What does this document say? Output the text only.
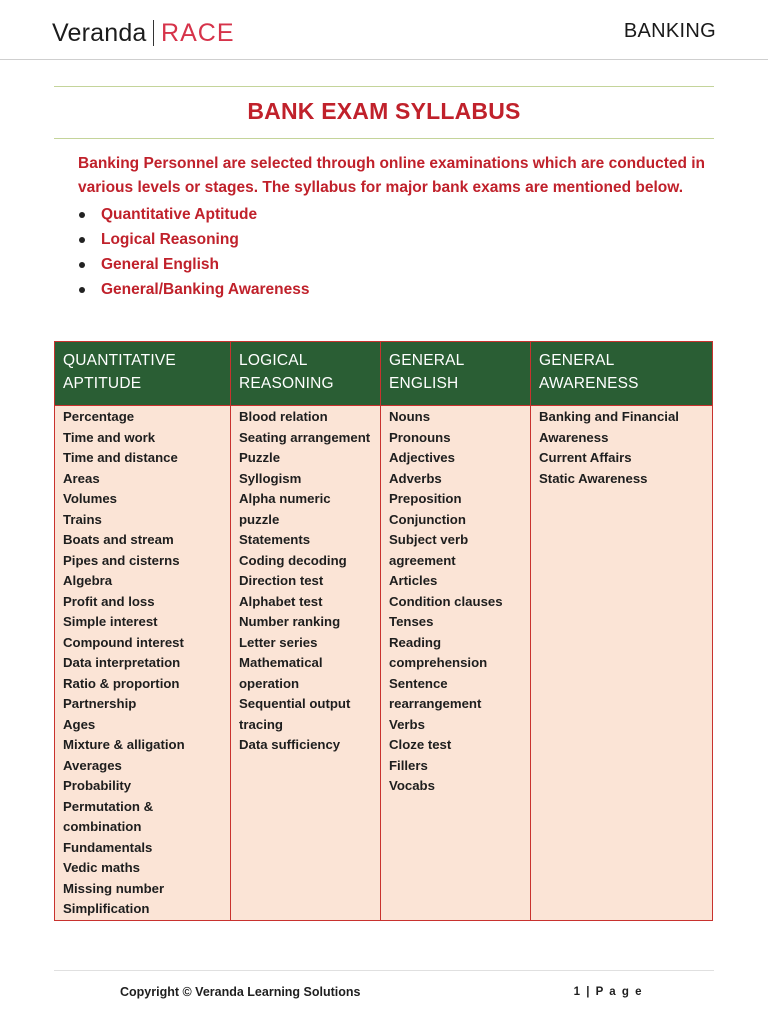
Veranda RACE	BANKING
BANK EXAM SYLLABUS
Banking Personnel are selected through online examinations which are conducted in various levels or stages. The syllabus for major bank exams are mentioned below.
Quantitative Aptitude
Logical Reasoning
General English
General/Banking Awareness
QUANTITATIVE
APTITUDE
Percentage
Time and work
Time and distance
Areas
Volumes
Trains
Boats and stream
Pipes and cisterns
Algebra
Profit and loss
Simple interest
Compound interest
Data interpretation
Ratio & proportion
Partnership
Ages
Mixture & alligation
Averages
Probability
Permutation &
combination
Fundamentals
Vedic maths
Missing number
Simplification
LOGICAL
REASONING
Blood relation
Seating arrangement
Puzzle
Syllogism
Alpha numeric
puzzle
Statements
Coding decoding
Direction test
Alphabet test
Number ranking
Letter series
Mathematical
operation
Sequential output
tracing
Data sufficiency
GENERAL
ENGLISH
Nouns
Pronouns
Adjectives
Adverbs
Preposition
Conjunction
Subject verb
agreement
Articles
Condition clauses
Tenses
Reading
comprehension
Sentence
rearrangement
Verbs
Cloze test
Fillers
Vocabs
GENERAL
AWARENESS
Banking and Financial
Awareness
Current Affairs
Static Awareness
Copyright © Veranda Learning Solutions	1 | P a g e
